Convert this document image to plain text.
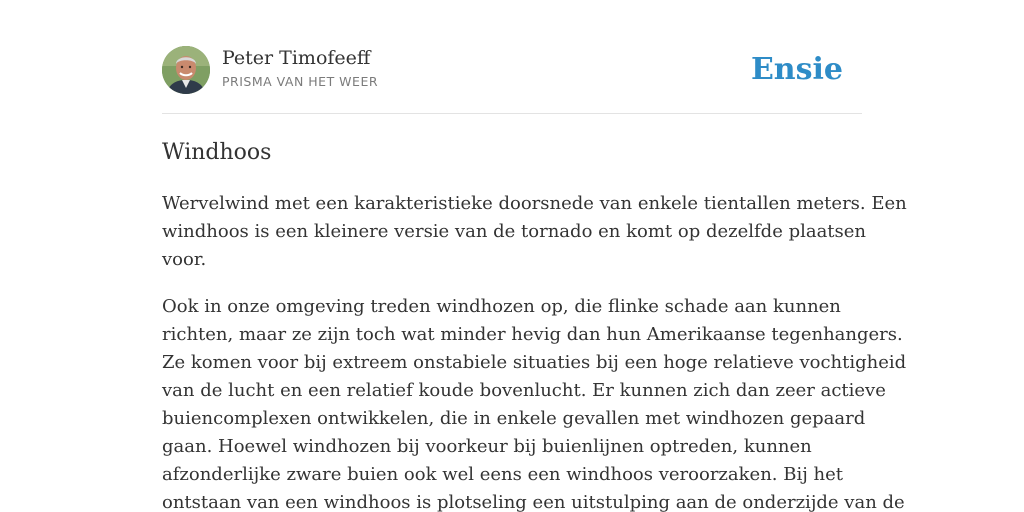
Peter Timofeeff
PRISMA VAN HET WEER	Ensie
Windhoos

Wervelwind met een karakteristieke doorsnede van enkele tientallen meters. Een
windhoos is een kleinere versie van de tornado en komt op dezelfde plaatsen
voor.

Ook in onze omgeving treden windhozen op, die flinke schade aan kunnen
richten, maar ze zijn toch wat minder hevig dan hun Amerikaanse tegenhangers.
Ze komen voor bij extreem onstabiele situaties bij een hoge relatieve vochtigheid
van de lucht en een relatief koude bovenlucht. Er kunnen zich dan zeer actieve
buiencomplexen ontwikkelen, die in enkele gevallen met windhozen gepaard
gaan. Hoewel windhozen bij voorkeur bij buienlijnen optreden, kunnen
afzonderlijke zware buien ook wel eens een windhoos veroorzaken. Bij het
ontstaan van een windhoos is plotseling een uitstulping aan de onderzijde van de
